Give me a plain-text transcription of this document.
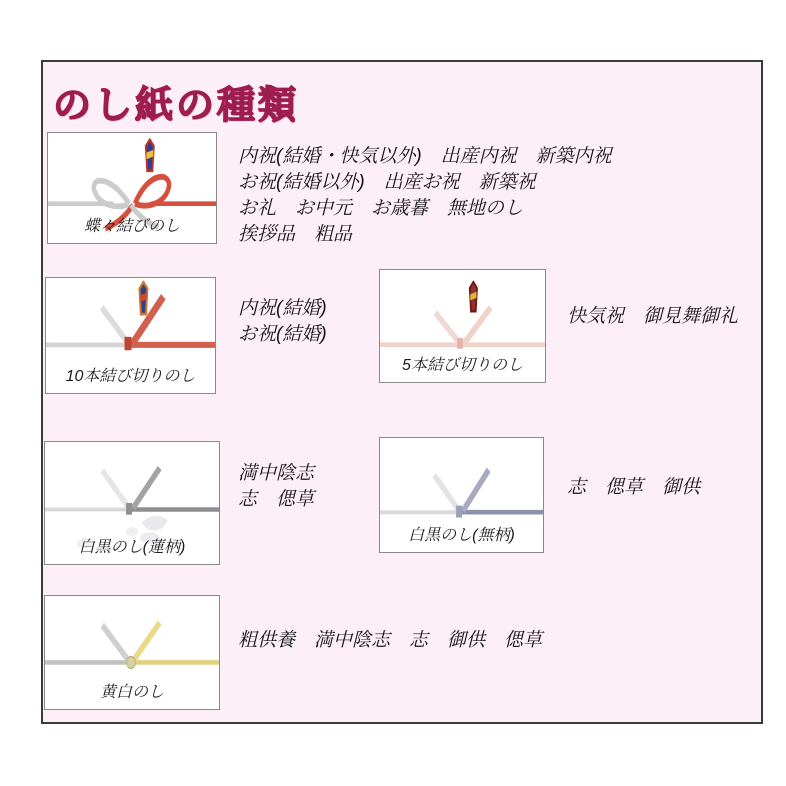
のし紙の種類
蝶々結びのし
内祝(結婚・快気以外)　出産内祝　新築内祝
お祝(結婚以外)　出産お祝　新築祝
お礼　お中元　お歳暮　無地のし
挨拶品　粗品
10本結び切りのし
内祝(結婚)
お祝(結婚)
5本結び切りのし
快気祝　御見舞御礼
白黒のし(蓮柄)
満中陰志
志　偲草
白黒のし(無柄)
志　偲草　御供
黄白のし
粗供養　満中陰志　志　御供　偲草
